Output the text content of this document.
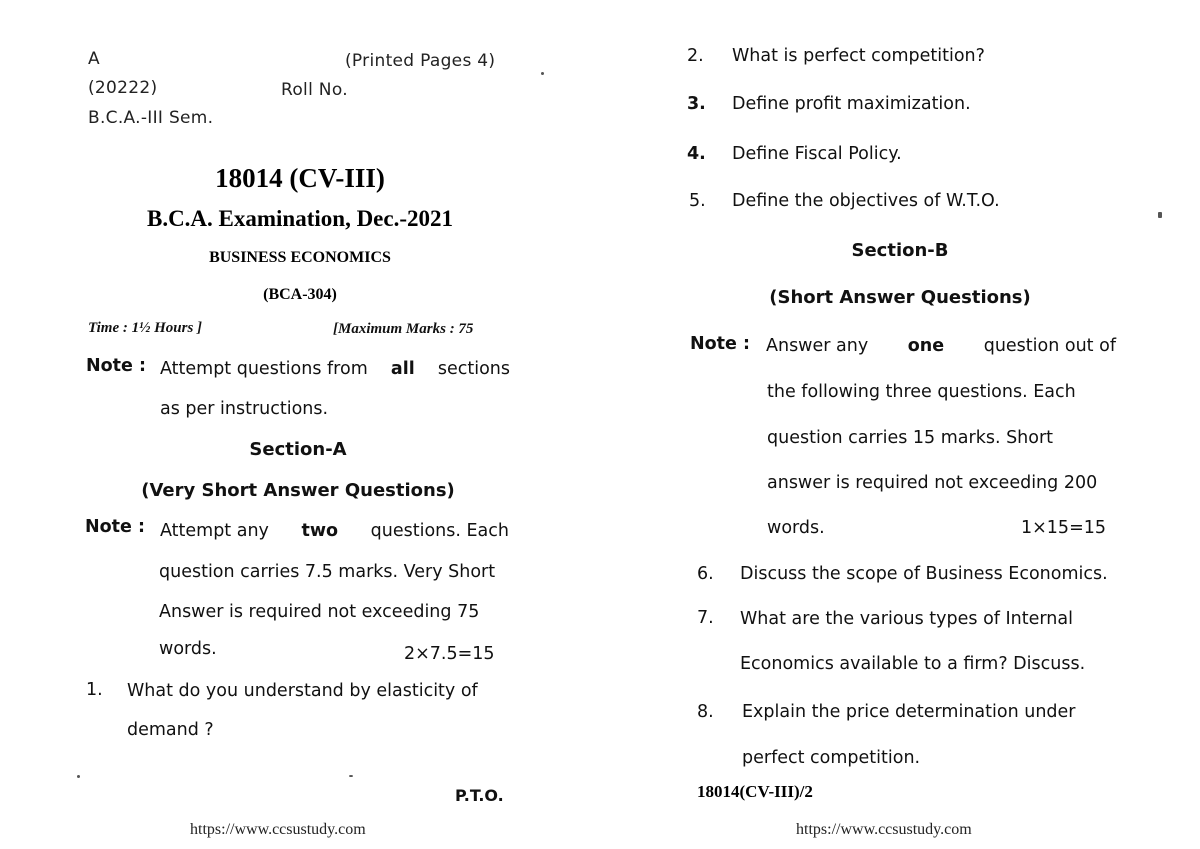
A	(Printed Pages 4)
(20222)	Roll No.
B.C.A.-III Sem.
18014 (CV-III)
B.C.A. Examination, Dec.-2021
BUSINESS ECONOMICS
(BCA-304)
Time : 1½ Hours ]	[Maximum Marks : 75
Note : Attempt questions from all sections
as per instructions.
Section-A
(Very Short Answer Questions)
Note : Attempt any two questions. Each
question carries 7.5 marks. Very Short
Answer is required not exceeding 75
words.	2×7.5=15
1. What do you understand by elasticity of
demand ?
P.T.O.
https://www.ccsustudy.com
2. What is perfect competition?
3. Define profit maximization.
4. Define Fiscal Policy.
5. Define the objectives of W.T.O.
Section-B
(Short Answer Questions)
Note : Answer any one question out of
the following three questions. Each
question carries 15 marks. Short
answer is required not exceeding 200
words.	1×15=15
6. Discuss the scope of Business Economics.
7. What are the various types of Internal
Economics available to a firm? Discuss.
8. Explain the price determination under
perfect competition.
18014(CV-III)/2
https://www.ccsustudy.com
